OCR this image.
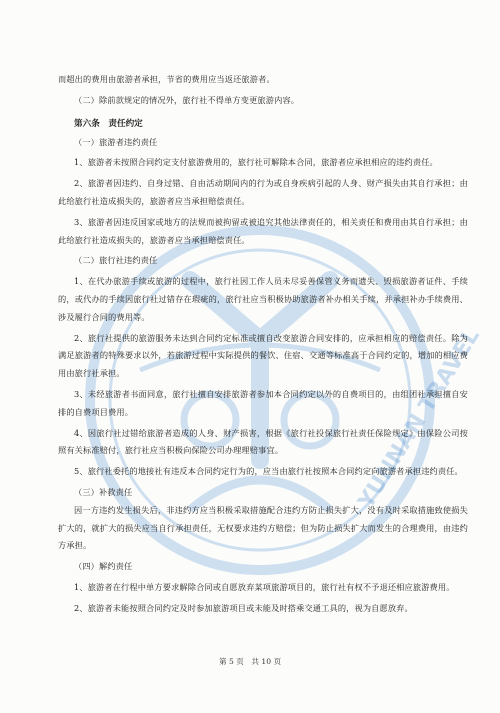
YUNNAN TRAVEL

而超出的费用由旅游者承担，节省的费用应当返还旅游者。

（二）除前款规定的情况外，旅行社不得单方变更旅游内容。

第六条　责任约定

（一）旅游者违约责任

1、旅游者未按照合同约定支付旅游费用的，旅行社可解除本合同，旅游者应承担相应的违约责任。

2、旅游者因违约、自身过错、自由活动期间内的行为或自身疾病引起的人身、财产损失由其自行承担；由此给旅行社造成损失的，旅游者应当承担赔偿责任。

3、旅游者因违反国家或地方的法规而被拘留或被追究其他法律责任的，相关责任和费用由其自行承担；由此给旅行社造成损失的，旅游者应当承担赔偿责任。

（二）旅行社违约责任

1、在代办旅游手续或旅游的过程中，旅行社因工作人员未尽妥善保管义务而遗失、毁损旅游者证件、手续的，或代办的手续因旅行社过错存在瑕疵的，旅行社应当积极协助旅游者补办相关手续，并承担补办手续费用、涉及履行合同的费用等。

2、旅行社提供的旅游服务未达到合同约定标准或擅自改变旅游合同安排的，应承担相应的赔偿责任。除为满足旅游者的特殊要求以外，若旅游过程中实际提供的餐饮、住宿、交通等标准高于合同约定的，增加的相应费用由旅行社承担。

3、未经旅游者书面同意，旅行社擅自安排旅游者参加本合同约定以外的自费项目的，由组团社承担擅自安排的自费项目费用。

4、因旅行社过错给旅游者造成的人身、财产损害，根据《旅行社投保旅行社责任保险规定》由保险公司按照有关标准赔付，旅行社应当积极向保险公司办理理赔事宜。

5、旅行社委托的地接社有违反本合同约定行为的，应当由旅行社按照本合同约定向旅游者承担违约责任。

（三）补救责任

因一方违约发生损失后，非违约方应当积极采取措施配合违约方防止损失扩大，没有及时采取措施致使损失扩大的，就扩大的损失应当自行承担责任，无权要求违约方赔偿；但为防止损失扩大而发生的合理费用，由违约方承担。

（四）解约责任

1、旅游者在行程中单方要求解除合同或自愿放弃某项旅游项目的，旅行社有权不予退还相应旅游费用。

2、旅游者未能按照合同约定及时参加旅游项目或未能及时搭乘交通工具的，视为自愿放弃。

第 5 页　共 10 页
